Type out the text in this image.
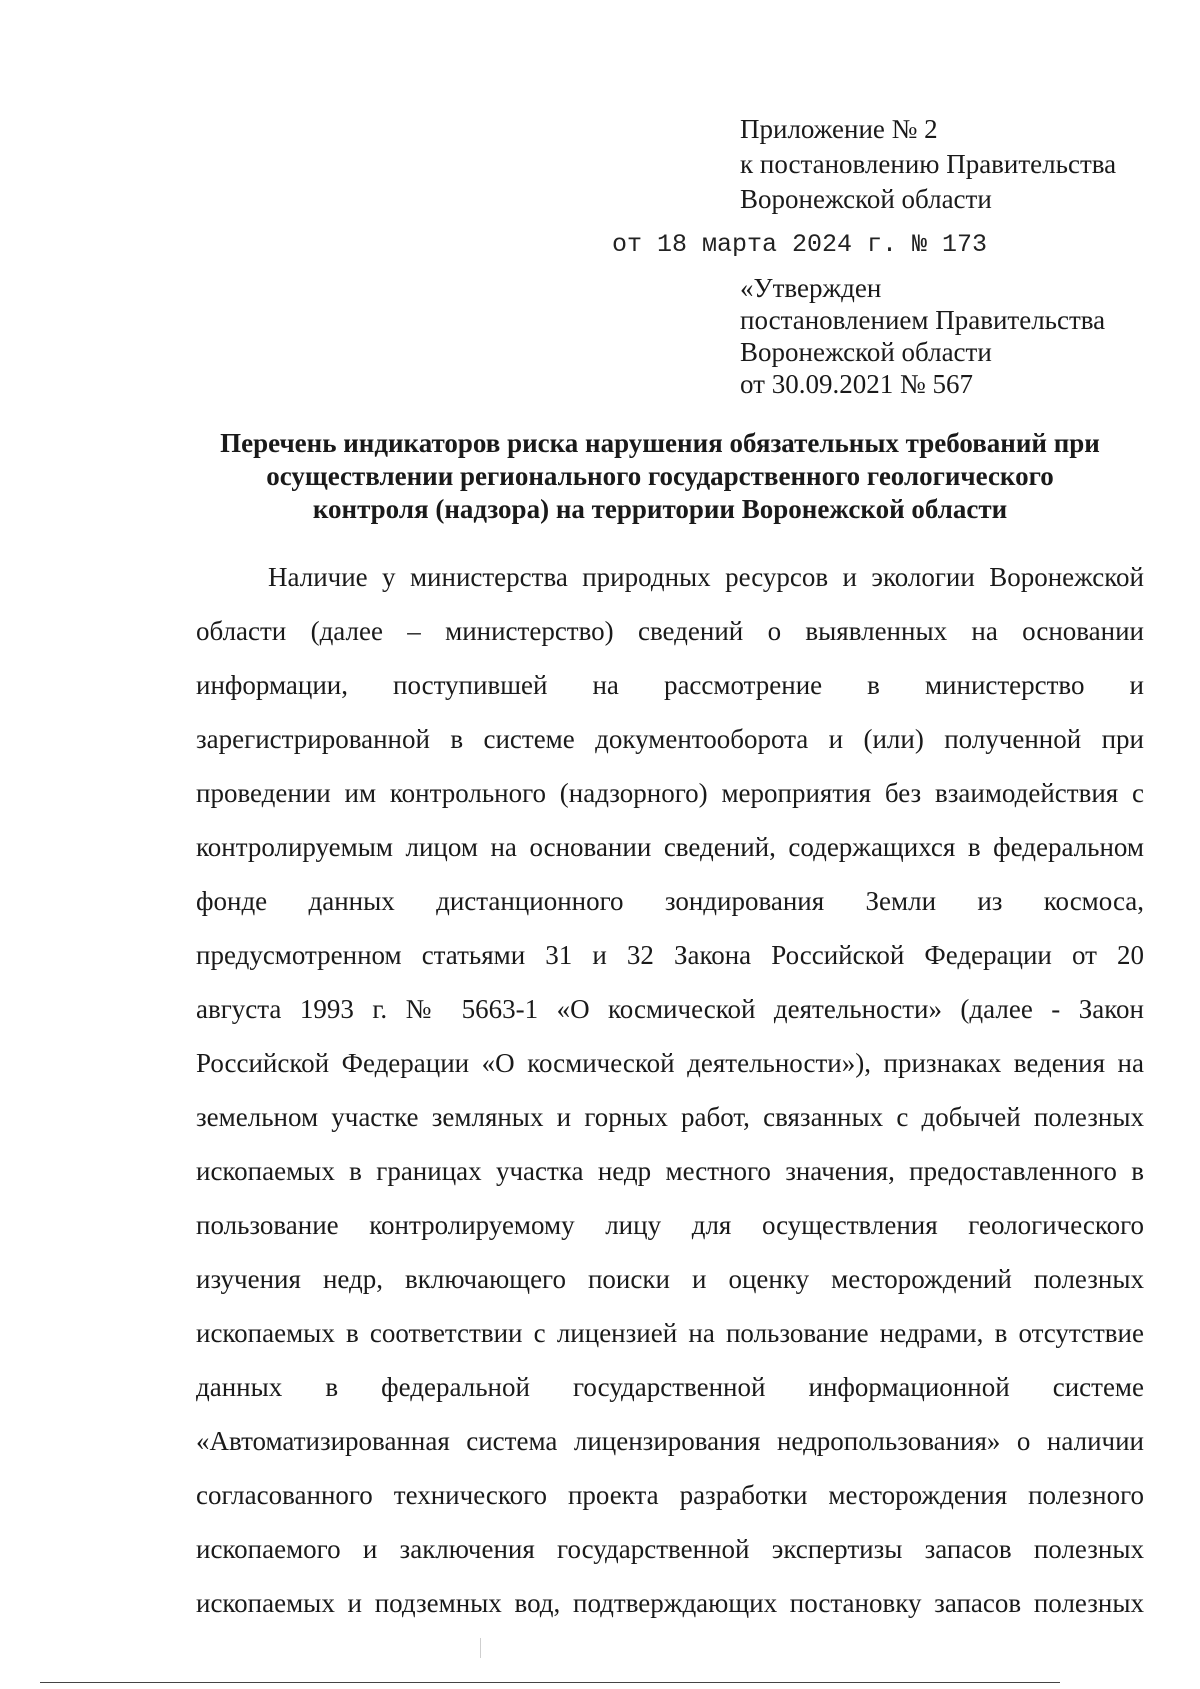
Приложение № 2
к постановлению Правительства
Воронежской области
от 18 марта 2024 г. № 173
«Утвержден
постановлением Правительства
Воронежской области
от 30.09.2021 № 567
Перечень индикаторов риска нарушения обязательных требований при
осуществлении регионального государственного геологического
контроля (надзора) на территории Воронежской области
Наличие у министерства природных ресурсов и экологии Воронежской
области (далее – министерство) сведений о выявленных на основании
информации, поступившей на рассмотрение в министерство и
зарегистрированной в системе документооборота и (или) полученной при
проведении им контрольного (надзорного) мероприятия без взаимодействия с
контролируемым лицом на основании сведений, содержащихся в федеральном
фонде данных дистанционного зондирования Земли из космоса,
предусмотренном статьями 31 и 32 Закона Российской Федерации от 20
августа 1993 г. № 5663-1 «О космической деятельности» (далее - Закон
Российской Федерации «О космической деятельности»), признаках ведения на
земельном участке земляных и горных работ, связанных с добычей полезных
ископаемых в границах участка недр местного значения, предоставленного в
пользование контролируемому лицу для осуществления геологического
изучения недр, включающего поиски и оценку месторождений полезных
ископаемых в соответствии с лицензией на пользование недрами, в отсутствие
данных в федеральной государственной информационной системе
«Автоматизированная система лицензирования недропользования» о наличии
согласованного технического проекта разработки месторождения полезного
ископаемого и заключения государственной экспертизы запасов полезных
ископаемых и подземных вод, подтверждающих постановку запасов полезных
